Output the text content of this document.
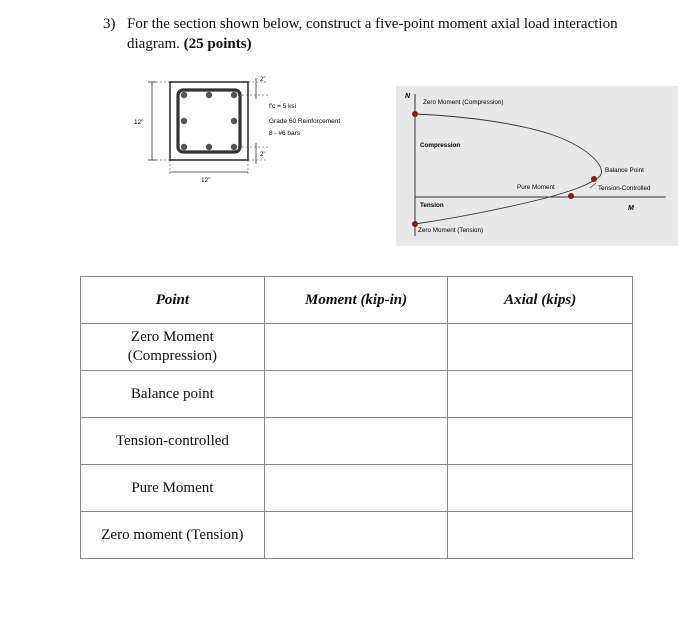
3) For the section shown below, construct a five-point moment axial load interaction
diagram. (25 points)
12"
2"
2"
12"
f'c = 5 ksi
Grade 60 Reinforcement
8 - #6 bars
N
M
Zero Moment (Compression)
Compression
Balance Point
Tension-Controlled
Pure Moment
Tension
Zero Moment (Tension)
Point	Moment (kip-in)	Axial (kips)
Zero Moment (Compression)		
Balance point		
Tension-controlled		
Pure Moment		
Zero moment (Tension)		
